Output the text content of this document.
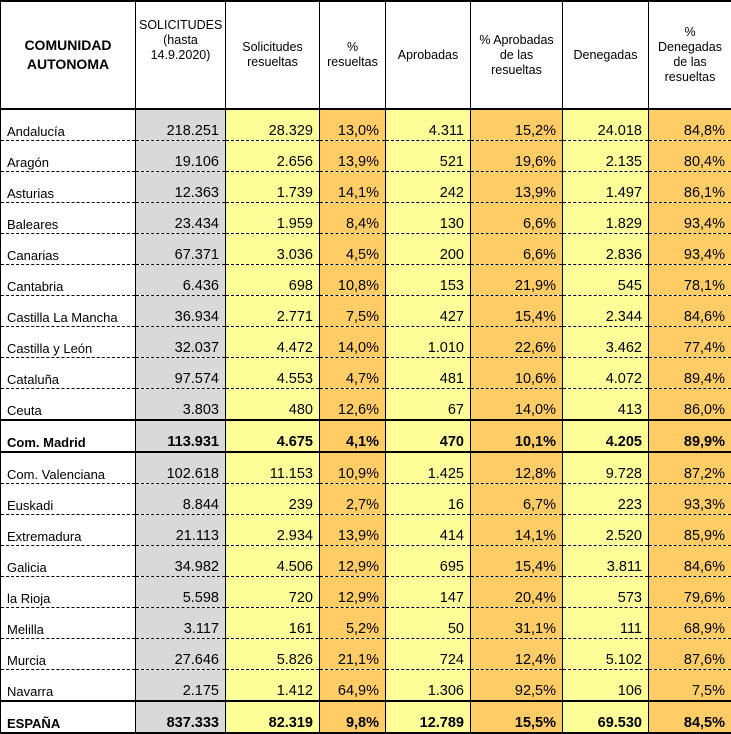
COMUNIDAD AUTONOMA	SOLICITUDES (hasta 14.9.2020)	Solicitudes resueltas	% resueltas	Aprobadas	% Aprobadas de las resueltas	Denegadas	% Denegadas de las resueltas
Andalucía	218.251	28.329	13,0%	4.311	15,2%	24.018	84,8%
Aragón	19.106	2.656	13,9%	521	19,6%	2.135	80,4%
Asturias	12.363	1.739	14,1%	242	13,9%	1.497	86,1%
Baleares	23.434	1.959	8,4%	130	6,6%	1.829	93,4%
Canarias	67.371	3.036	4,5%	200	6,6%	2.836	93,4%
Cantabria	6.436	698	10,8%	153	21,9%	545	78,1%
Castilla La Mancha	36.934	2.771	7,5%	427	15,4%	2.344	84,6%
Castilla y León	32.037	4.472	14,0%	1.010	22,6%	3.462	77,4%
Cataluña	97.574	4.553	4,7%	481	10,6%	4.072	89,4%
Ceuta	3.803	480	12,6%	67	14,0%	413	86,0%
Com. Madrid	113.931	4.675	4,1%	470	10,1%	4.205	89,9%
Com. Valenciana	102.618	11.153	10,9%	1.425	12,8%	9.728	87,2%
Euskadi	8.844	239	2,7%	16	6,7%	223	93,3%
Extremadura	21.113	2.934	13,9%	414	14,1%	2.520	85,9%
Galicia	34.982	4.506	12,9%	695	15,4%	3.811	84,6%
la Rioja	5.598	720	12,9%	147	20,4%	573	79,6%
Melilla	3.117	161	5,2%	50	31,1%	111	68,9%
Murcia	27.646	5.826	21,1%	724	12,4%	5.102	87,6%
Navarra	2.175	1.412	64,9%	1.306	92,5%	106	7,5%
ESPAÑA	837.333	82.319	9,8%	12.789	15,5%	69.530	84,5%
